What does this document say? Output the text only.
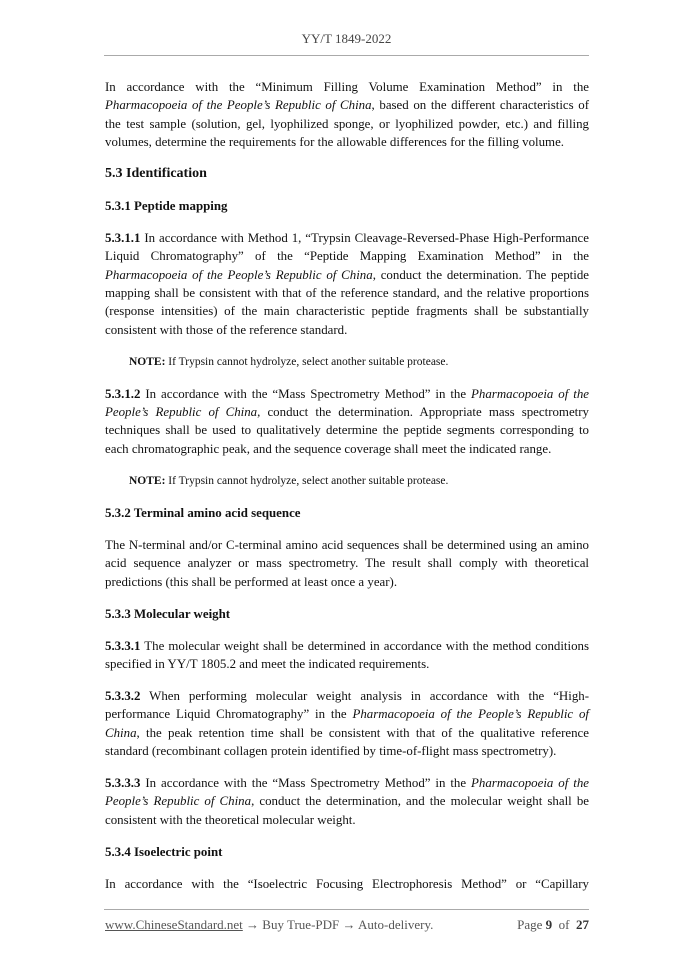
YY/T 1849-2022

In accordance with the “Minimum Filling Volume Examination Method” in the Pharmacopoeia of the People’s Republic of China, based on the different characteristics of the test sample (solution, gel, lyophilized sponge, or lyophilized powder, etc.) and filling volumes, determine the requirements for the allowable differences for the filling volume.

5.3 Identification
5.3.1 Peptide mapping

5.3.1.1 In accordance with Method 1, “Trypsin Cleavage-Reversed-Phase High-Performance Liquid Chromatography” of the “Peptide Mapping Examination Method” in the Pharmacopoeia of the People’s Republic of China, conduct the determination. The peptide mapping shall be consistent with that of the reference standard, and the relative proportions (response intensities) of the main characteristic peptide fragments shall be substantially consistent with those of the reference standard.

NOTE: If Trypsin cannot hydrolyze, select another suitable protease.

5.3.1.2 In accordance with the “Mass Spectrometry Method” in the Pharmacopoeia of the People’s Republic of China, conduct the determination. Appropriate mass spectrometry techniques shall be used to qualitatively determine the peptide segments corresponding to each chromatographic peak, and the sequence coverage shall meet the indicated range.

NOTE: If Trypsin cannot hydrolyze, select another suitable protease.

5.3.2 Terminal amino acid sequence

The N-terminal and/or C-terminal amino acid sequences shall be determined using an amino acid sequence analyzer or mass spectrometry. The result shall comply with theoretical predictions (this shall be performed at least once a year).

5.3.3 Molecular weight

5.3.3.1 The molecular weight shall be determined in accordance with the method conditions specified in YY/T 1805.2 and meet the indicated requirements.

5.3.3.2 When performing molecular weight analysis in accordance with the “High-performance Liquid Chromatography” in the Pharmacopoeia of the People’s Republic of China, the peak retention time shall be consistent with that of the qualitative reference standard (recombinant collagen protein identified by time-of-flight mass spectrometry).

5.3.3.3 In accordance with the “Mass Spectrometry Method” in the Pharmacopoeia of the People’s Republic of China, conduct the determination, and the molecular weight shall be consistent with the theoretical molecular weight.

5.3.4 Isoelectric point

In accordance with the “Isoelectric Focusing Electrophoresis Method” or “Capillary

www.ChineseStandard.net → Buy True-PDF → Auto-delivery.	Page 9 of 27
